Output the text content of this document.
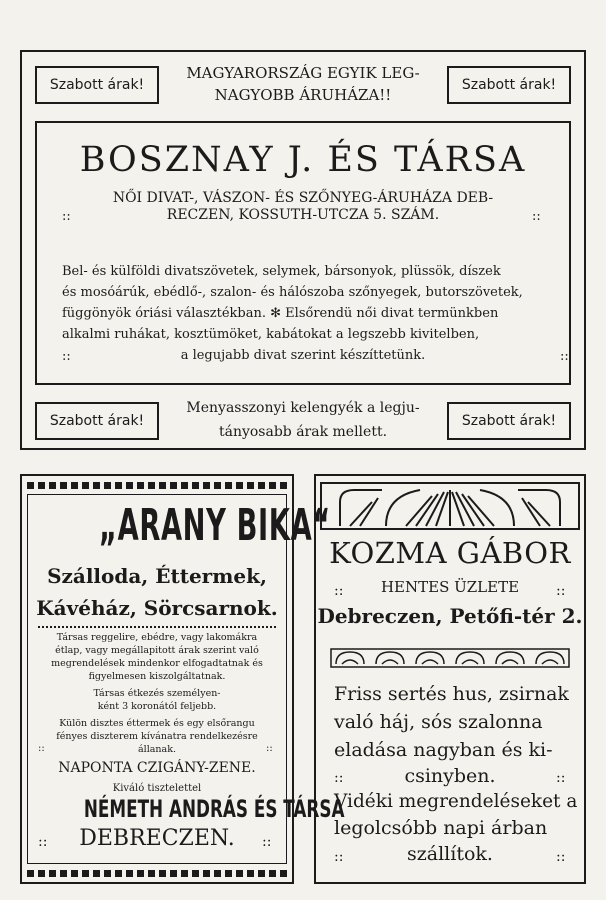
Szabott árak!	Szabott árak!
MAGYARORSZÁG EGYIK LEG-
NAGYOBB ÁRUHÁZA!!
BOSZNAY J. ÉS TÁRSA
NŐI DIVAT-, VÁSZON- ÉS SZŐNYEG-ÁRUHÁZA DEB-
::	RECZEN, KOSSUTH-UTCZA 5. SZÁM.	::
Bel- és külföldi divatszövetek, selymek, bársonyok, plüssök, díszek
és mosóárúk, ebédlő-, szalon- és hálószoba szőnyegek, butorszövetek,
függönyök óriási választékban. ✻ Elsőrendü női divat termünkben
alkalmi ruhákat, kosztümöket, kabátokat a legszebb kivitelben,
::	a legujabb divat szerint készíttetünk.	::
Szabott árak!	Szabott árak!
Menyasszonyi kelengyék a legju-
tányosabb árak mellett.
„ARANY BIKA“
Szálloda, Éttermek,
Kávéház, Sörcsarnok.
Társas reggelire, ebédre, vagy lakomákra
étlap, vagy megállapitott árak szerint való
megrendelések mindenkor elfogadtatnak és
figyelmesen kiszolgáltatnak.
Társas étkezés személyen-
ként 3 koronától feljebb.
Külön disztes éttermek és egy elsőrangu
fényes diszterem kívánatra rendelkezésre
::	állanak.	::
NAPONTA CZIGÁNY-ZENE.
Kiváló tisztelettel
NÉMETH ANDRÁS ÉS TÁRSA
::	DEBRECZEN.	::
KOZMA GÁBOR
::	HENTES ÜZLETE	::
Debreczen, Petőfi-tér 2.
Friss sertés hus, zsirnak
való háj, sós szalonna
eladása nagyban és ki-
::	csinyben.	::
Vidéki megrendeléseket a
legolcsóbb napi árban
::	szállítok.	::
